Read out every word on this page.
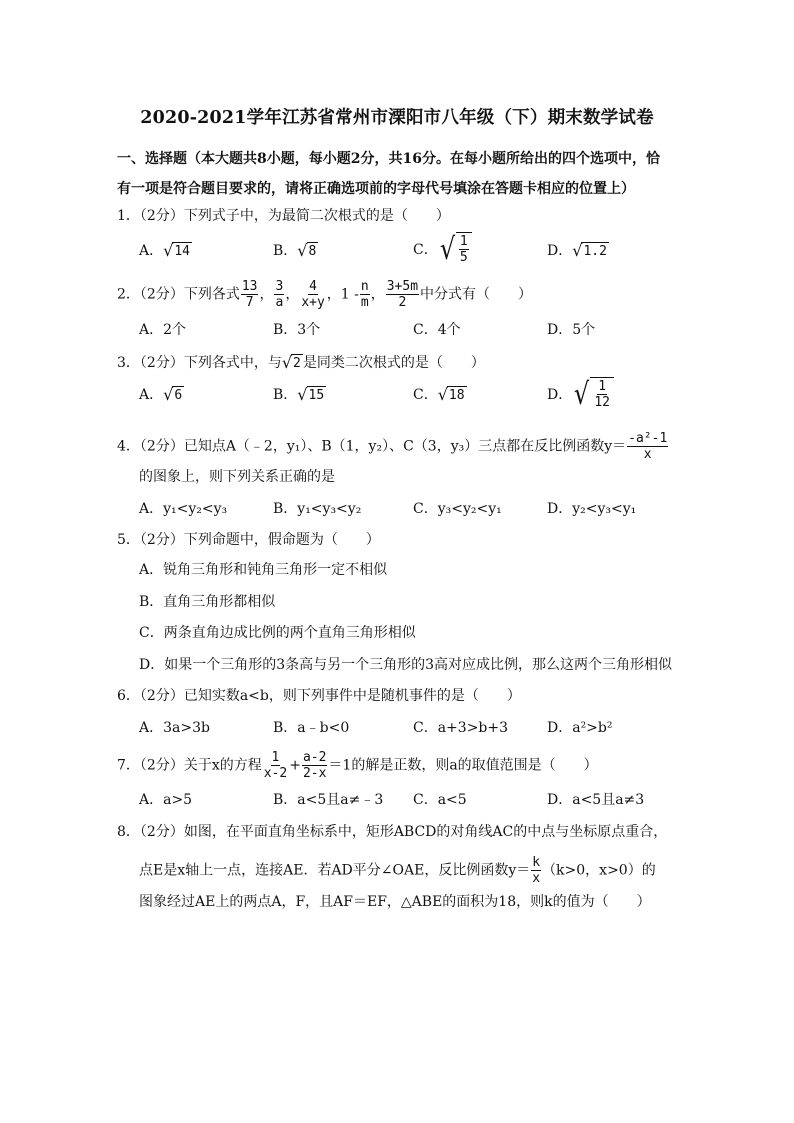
2020-2021学年江苏省常州市溧阳市八年级（下）期末数学试卷
一、选择题（本大题共8小题，每小题2分，共16分。在每小题所给出的四个选项中，恰
有一项是符合题目要求的，请将正确选项前的字母代号填涂在答题卡相应的位置上）
1．（2分）下列式子中，为最简二次根式的是（　　）
A． √ 14	B． √ 8	C． √ $\frac{1}{5}$	D． √ 1.2
2．（2分）下列各式 $\frac{13}{7}$ ， $\frac{3}{a}$ ， $\frac{4}{x+y}$ ，$1 - \frac{n}{m}$ ， $\frac{3+5m}{2}$ 中分式有（　　）
A．2个	B．3个	C．4个	D．5个
3．（2分）下列各式中，与 √ 2 是同类二次根式的是（　　）
A． √ 6	B． √ 15	C． √ 18	D． √ $\frac{1}{12}$
4．（2分）已知点A（﹣2，y₁）、B（1，y₂）、C（3，y₃）三点都在反比例函数$y= \frac{\text{-a²-1}}{x}$
的图象上，则下列关系正确的是
A．y₁<y₂<y₃	B．y₁<y₃<y₂	C．y₃<y₂<y₁	D．y₂<y₃<y₁
5．（2分）下列命题中，假命题为（　　）
A．锐角三角形和钝角三角形一定不相似
B．直角三角形都相似
C．两条直角边成比例的两个直角三角形相似
D．如果一个三角形的3条高与另一个三角形的3高对应成比例，那么这两个三角形相似
6．（2分）已知实数a<b，则下列事件中是随机事件的是（　　）
A．3a>3b	B．a﹣b<0	C．a+3>b+3	D．a²>b²
7．（2分）关于x的方程 $\frac{1}{x-2} + \frac{a-2}{2-x} =1$的解是正数，则a的取值范围是（　　）
A．a>5	B．a<5且a≠﹣3 C．a<5	D．a<5且a≠3
8．（2分）如图，在平面直角坐标系中，矩形ABCD的对角线AC的中点与坐标原点重合，
点E是x轴上一点，连接AE．若AD平分∠OAE，反比例函数$y= \frac{k}{x} (k>0$，x>0）的
图象经过AE上的两点A，F，且AF＝EF，△ABE的面积为18，则k的值为（　　）
